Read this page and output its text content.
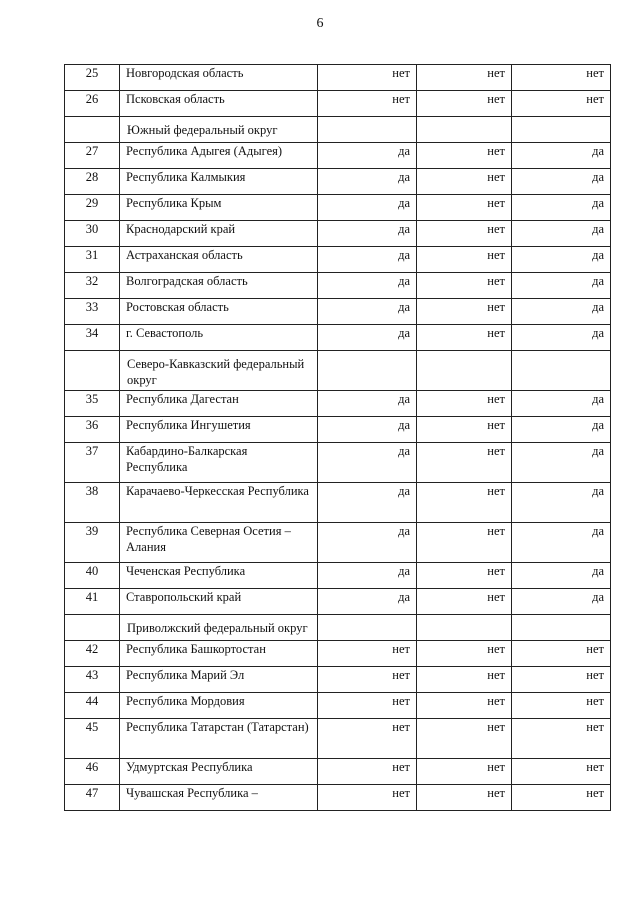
6
25	Новгородская область	нет	нет	нет
26	Псковская область	нет	нет	нет
	Южный федеральный округ			
27	Республика Адыгея (Адыгея)	да	нет	да
28	Республика Калмыкия	да	нет	да
29	Республика Крым	да	нет	да
30	Краснодарский край	да	нет	да
31	Астраханская область	да	нет	да
32	Волгоградская область	да	нет	да
33	Ростовская область	да	нет	да
34	г. Севастополь	да	нет	да
	Северо-Кавказский федеральный округ			
35	Республика Дагестан	да	нет	да
36	Республика Ингушетия	да	нет	да
37	Кабардино-Балкарская Республика	да	нет	да
38	Карачаево-Черкесская Республика	да	нет	да
39	Республика Северная Осетия – Алания	да	нет	да
40	Чеченская Республика	да	нет	да
41	Ставропольский край	да	нет	да
	Приволжский федеральный округ			
42	Республика Башкортостан	нет	нет	нет
43	Республика Марий Эл	нет	нет	нет
44	Республика Мордовия	нет	нет	нет
45	Республика Татарстан (Татарстан)	нет	нет	нет
46	Удмуртская Республика	нет	нет	нет
47	Чувашская Республика –	нет	нет	нет
